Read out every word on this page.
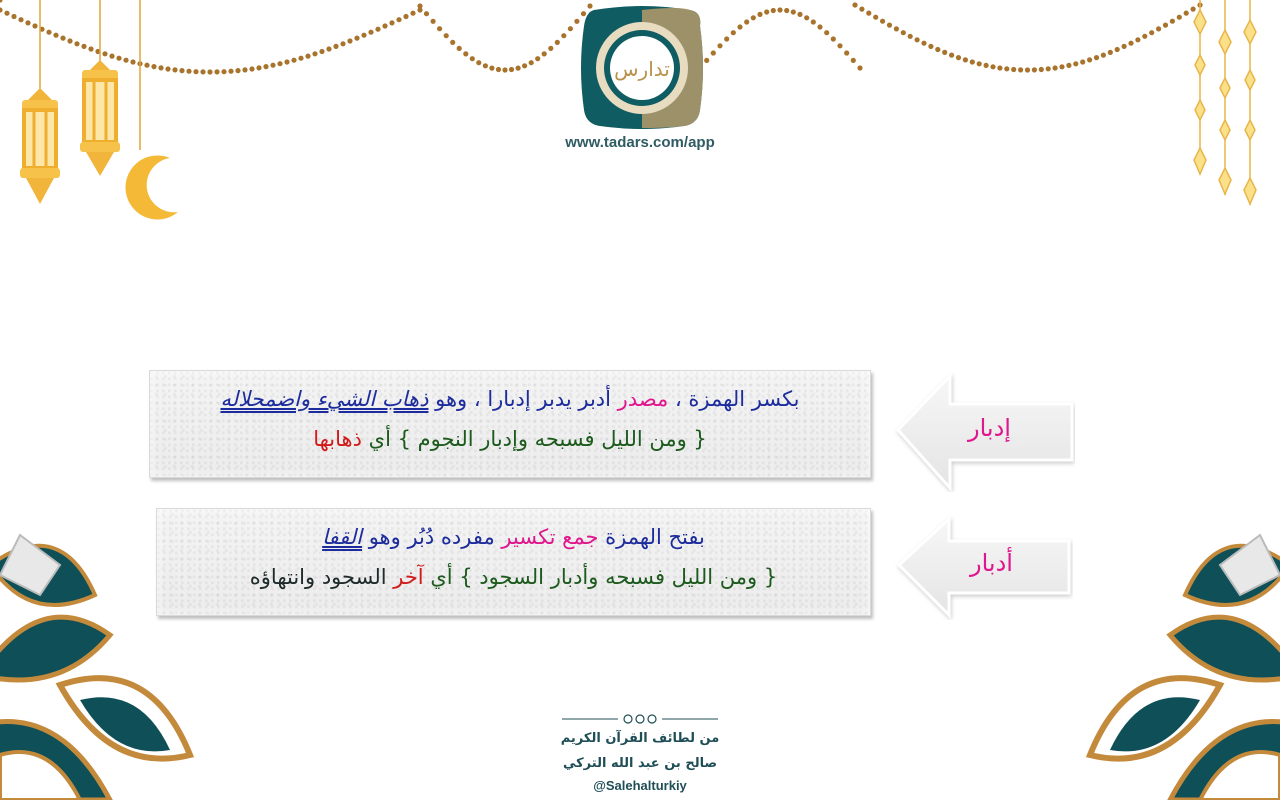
تدارس
www.tadars.com/app
إدبار
بكسر الهمزة ، مصدر أدبر يدبر إدبارا ، وهو ذهاب الشيء واضمحلاله
{ ومن الليل فسبحه وإدبار النجوم } أي ذهابها
أدبار
بفتح الهمزة جمع تكسير مفرده دُبُر وهو القفا
{ ومن الليل فسبحه وأدبار السجود } أي آخر السجود وانتهاؤه
من لطائف القرآن الكريم
صالح بن عبد الله التركي
@Salehalturkiy
